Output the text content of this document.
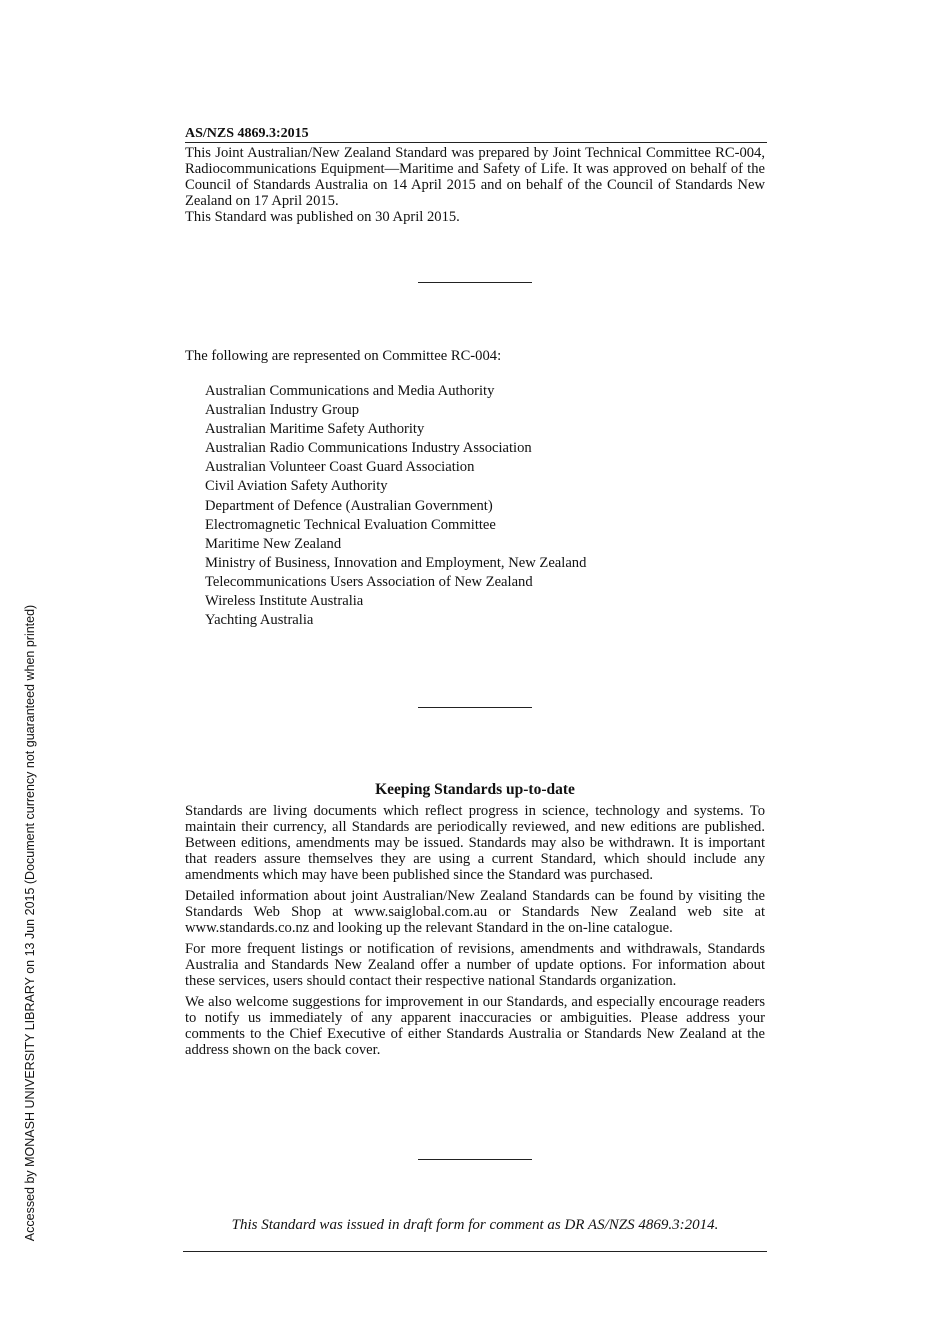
AS/NZS 4869.3:2015

This Joint Australian/New Zealand Standard was prepared by Joint Technical Committee RC-004, Radiocommunications Equipment—Maritime and Safety of Life. It was approved on behalf of the Council of Standards Australia on 14 April 2015 and on behalf of the Council of Standards New Zealand on 17 April 2015.

This Standard was published on 30 April 2015.

The following are represented on Committee RC-004:
Australian Communications and Media Authority
Australian Industry Group
Australian Maritime Safety Authority
Australian Radio Communications Industry Association
Australian Volunteer Coast Guard Association
Civil Aviation Safety Authority
Department of Defence (Australian Government)
Electromagnetic Technical Evaluation Committee
Maritime New Zealand
Ministry of Business, Innovation and Employment, New Zealand
Telecommunications Users Association of New Zealand
Wireless Institute Australia
Yachting Australia
Keeping Standards up-to-date

Standards are living documents which reflect progress in science, technology and systems. To maintain their currency, all Standards are periodically reviewed, and new editions are published. Between editions, amendments may be issued. Standards may also be withdrawn. It is important that readers assure themselves they are using a current Standard, which should include any amendments which may have been published since the Standard was purchased.

Detailed information about joint Australian/New Zealand Standards can be found by visiting the Standards Web Shop at www.saiglobal.com.au or Standards New Zealand web site at www.standards.co.nz and looking up the relevant Standard in the on-line catalogue.

For more frequent listings or notification of revisions, amendments and withdrawals, Standards Australia and Standards New Zealand offer a number of update options. For information about these services, users should contact their respective national Standards organization.

We also welcome suggestions for improvement in our Standards, and especially encourage readers to notify us immediately of any apparent inaccuracies or ambiguities. Please address your comments to the Chief Executive of either Standards Australia or Standards New Zealand at the address shown on the back cover.

This Standard was issued in draft form for comment as DR AS/NZS 4869.3:2014.
Accessed by MONASH UNIVERSITY LIBRARY on 13 Jun 2015 (Document currency not guaranteed when printed)
